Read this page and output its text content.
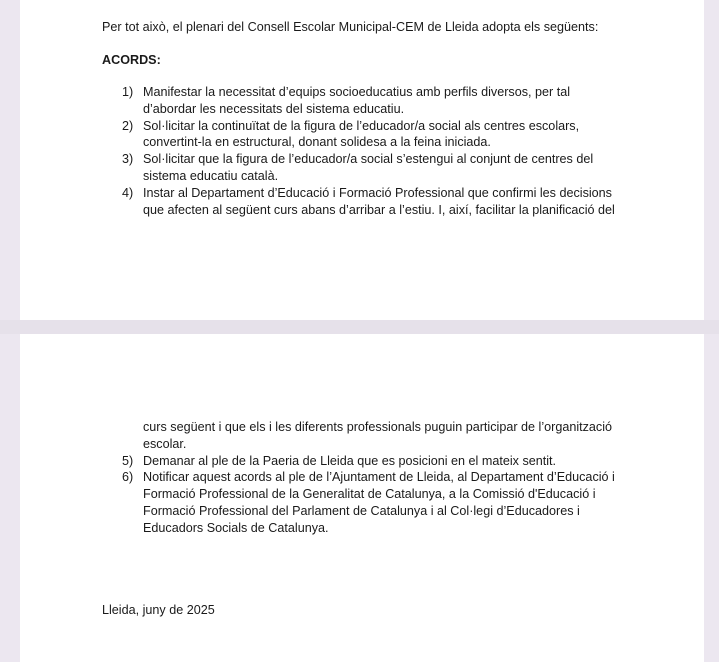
Per tot això, el plenari del Consell Escolar Municipal-CEM de Lleida adopta els següents:
ACORDS:
1) Manifestar la necessitat d’equips socioeducatius amb perfils diversos, per tal
d’abordar les necessitats del sistema educatiu.
2) Sol·licitar la continuïtat de la figura de l’educador/a social als centres escolars,
convertint-la en estructural, donant solidesa a la feina iniciada.
3) Sol·licitar que la figura de l’educador/a social s’estengui al conjunt de centres del
sistema educatiu català.
4) Instar al Departament d’Educació i Formació Professional que confirmi les decisions
que afecten al següent curs abans d’arribar a l’estiu. I, així, facilitar la planificació del
curs següent i que els i les diferents professionals puguin participar de l’organització
escolar.
5) Demanar al ple de la Paeria de Lleida que es posicioni en el mateix sentit.
6) Notificar aquest acords al ple de l’Ajuntament de Lleida, al Departament d’Educació i
Formació Professional de la Generalitat de Catalunya, a la Comissió d'Educació i
Formació Professional del Parlament de Catalunya i al Col·legi d’Educadores i
Educadors Socials de Catalunya.
Lleida, juny de 2025
